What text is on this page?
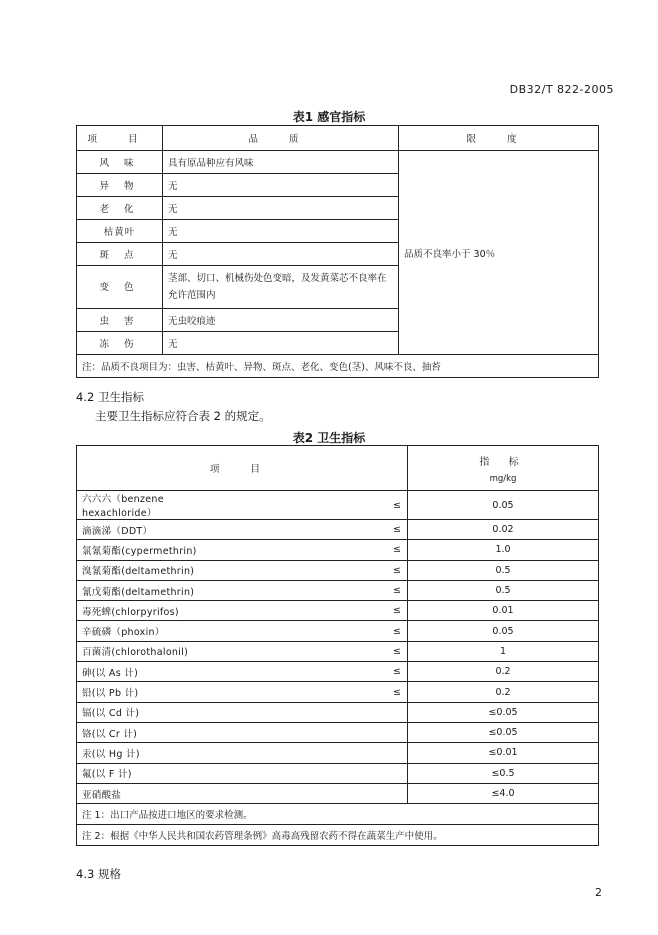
DB32/T 822-2005
表1 感官指标
项 目	品 质	限 度
风 味	具有原品种应有风味	品质不良率小于 30％
异 物	无	
老 化	无	
枯黄叶	无	
斑 点	无	
变 色	茎部、切口、机械伤处色变暗，及发黄菜芯不良率在允许范围内	
虫 害	无虫咬痕迹	
冻 伤	无	
注：品质不良项目为：虫害、枯黄叶、异物、斑点、老化、变色(茎)、风味不良、抽苔		
4.2 卫生指标
主要卫生指标应符合表 2 的规定。
表2 卫生指标
项 目		指 标
mg/kg

六六六（benzene hexachloride）	≤	0.05
滴滴涕（DDT）	≤	0.02
氯氰菊酯(cypermethrin)	≤	1.0
溴氰菊酯(deltamethrin)	≤	0.5
氰戊菊酯(deltamethrin)	≤	0.5
毒死蜱(chlorpyrifos)	≤	0.01
辛硫磷（phoxin）	≤	0.05
百菌清(chlorothalonil)	≤	1
砷(以 As 计)	≤	0.2
铅(以 Pb 计)	≤	0.2
镉(以 Cd 计)		≤0.05
铬(以 Cr 计)		≤0.05
汞(以 Hg 计)		≤0.01
氟(以 F 计)		≤0.5
亚硝酸盐		≤4.0
注 1：出口产品按进口地区的要求检测。		
注 2：根据《中华人民共和国农药管理条例》高毒高残留农药不得在蔬菜生产中使用。		
4.3 规格
2
